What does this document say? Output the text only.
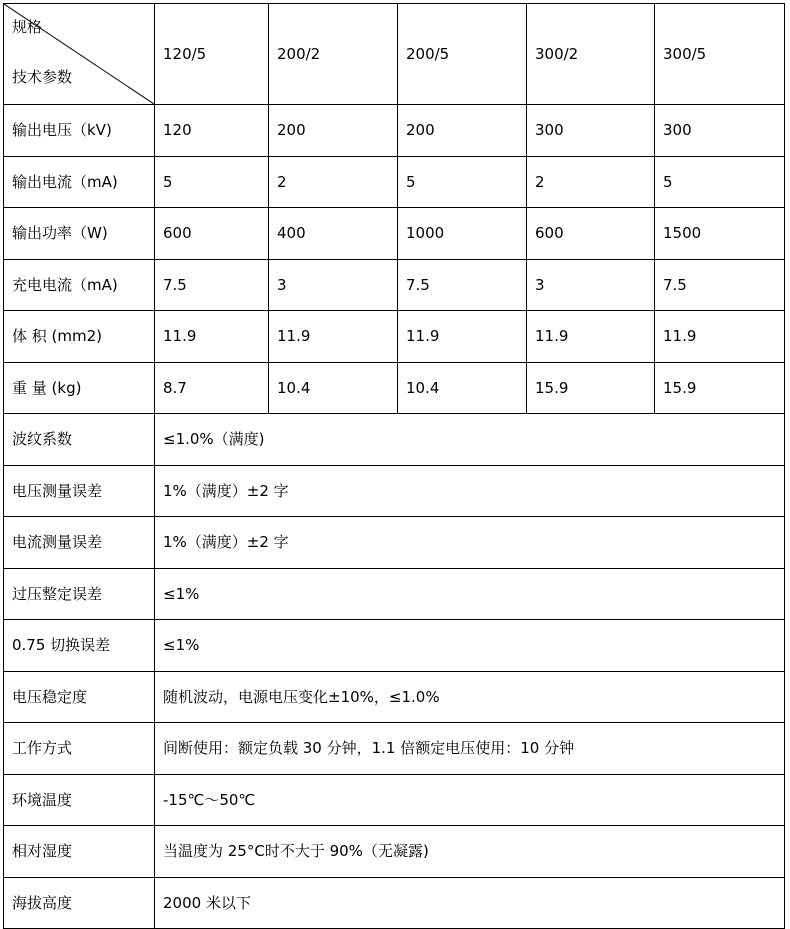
规格
技术参数	120/5	200/2	200/5	300/2	300/5
输出电压（kV)	120	200	200	300	300
输出电流（mA)	5	2	5	2	5
输出功率（W)	600	400	1000	600	1500
充电电流（mA)	7.5	3	7.5	3	7.5
体 积 (mm2)	11.9	11.9	11.9	11.9	11.9
重 量 (kg)	8.7	10.4	10.4	15.9	15.9
波纹系数	≤1.0%（满度)				
电压测量误差	1%（满度）±2 字				
电流测量误差	1%（满度）±2 字				
过压整定误差	≤1%				
0.75 切换误差	≤1%				
电压稳定度	随机波动，电源电压变化±10%，≤1.0%				
工作方式	间断使用：额定负载 30 分钟，1.1 倍额定电压使用：10 分钟				
环境温度	-15℃～50℃				
相对湿度	当温度为 25°C时不大于 90%（无凝露)				
海拔高度	2000 米以下				
